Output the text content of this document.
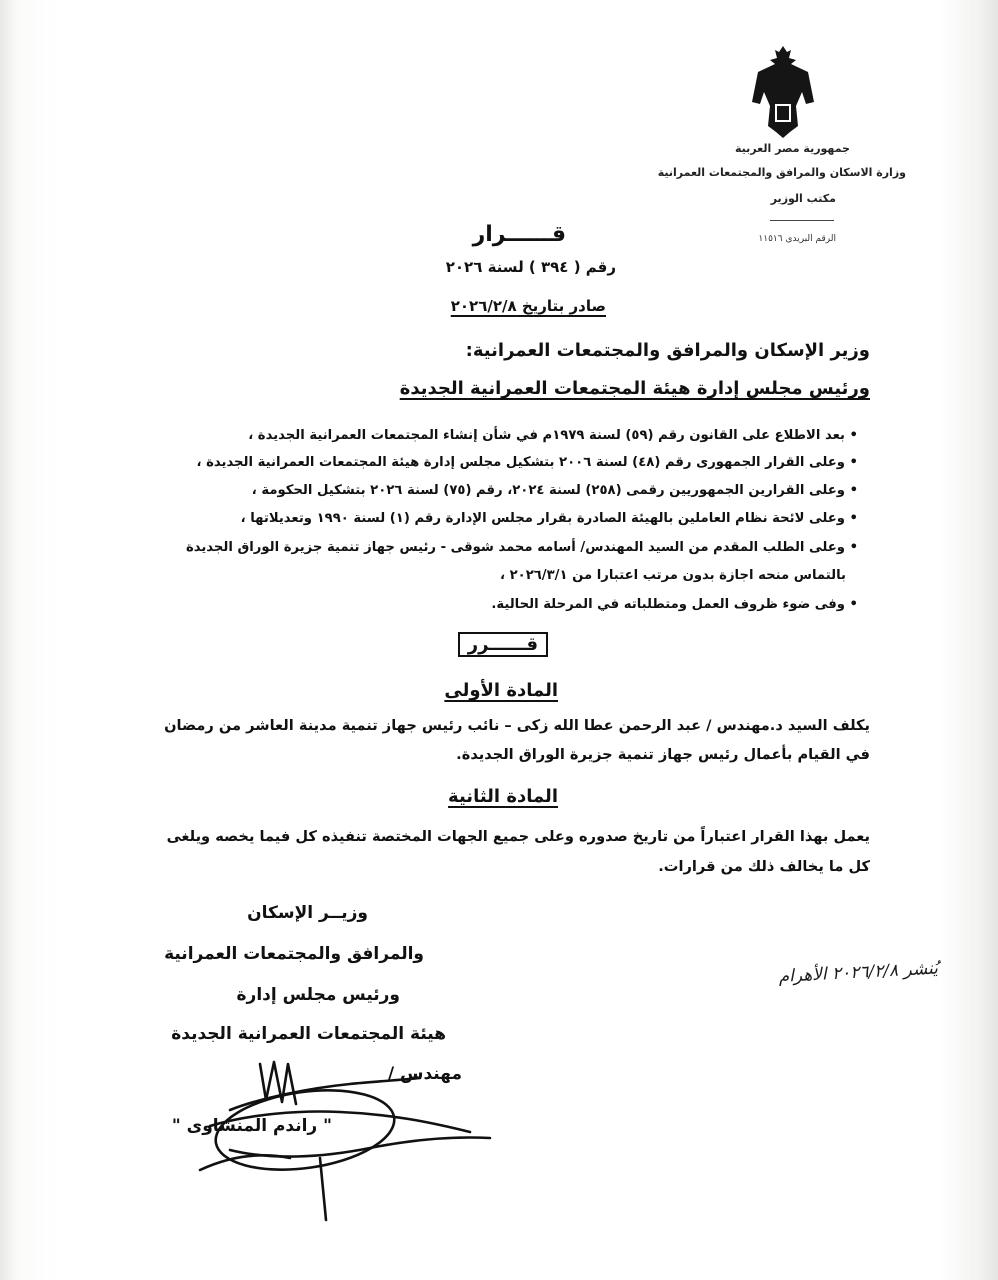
جمهورية مصر العربية
وزارة الاسكان والمرافق والمجتمعات العمرانية
مكتب الوزير
الرقم البريدى ١١٥١٦
قــــــرار
رقم ( ٣٩٤ ) لسنة ٢٠٢٦
صادر بتاريخ ٢٠٢٦/٢/٨
وزير الإسكان والمرافق والمجتمعات العمرانية:
ورئيس مجلس إدارة هيئة المجتمعات العمرانية الجديدة
• بعد الاطلاع على القانون رقم (٥٩) لسنة ١٩٧٩م في شأن إنشاء المجتمعات العمرانية الجديدة ،
• وعلى القرار الجمهورى رقم (٤٨) لسنة ٢٠٠٦ بتشكيل مجلس إدارة هيئة المجتمعات العمرانية الجديدة ،
• وعلى القرارين الجمهوريين رقمى (٢٥٨) لسنة ٢٠٢٤، رقم (٧٥) لسنة ٢٠٢٦ بتشكيل الحكومة ،
• وعلى لائحة نظام العاملين بالهيئة الصادرة بقرار مجلس الإدارة رقم (١) لسنة ١٩٩٠ وتعديلاتها ،
• وعلى الطلب المقدم من السيد المهندس/ أسامه محمد شوقى - رئيس جهاز تنمية جزيرة الوراق الجديدة
بالتماس منحه اجازة بدون مرتب اعتبارا من ٢٠٢٦/٣/١ ،
• وفى ضوء ظروف العمل ومتطلباته في المرحلة الحالية.
قــــــرر
المادة الأولى
يكلف السيد د.مهندس / عبد الرحمن عطا الله زكى – نائب رئيس جهاز تنمية مدينة العاشر من رمضان
في القيام بأعمال رئيس جهاز تنمية جزيرة الوراق الجديدة.
المادة الثانية
يعمل بهذا القرار اعتباراً من تاريخ صدوره وعلى جميع الجهات المختصة تنفيذه كل فيما يخصه ويلغى
كل ما يخالف ذلك من قرارات.
وزيــر الإسكان
والمرافق والمجتمعات العمرانية
ورئيس مجلس إدارة
هيئة المجتمعات العمرانية الجديدة
مهندس /
" راندم المنشاوى "
يُنشر ٢٠٢٦/٢/٨ الأهرام
